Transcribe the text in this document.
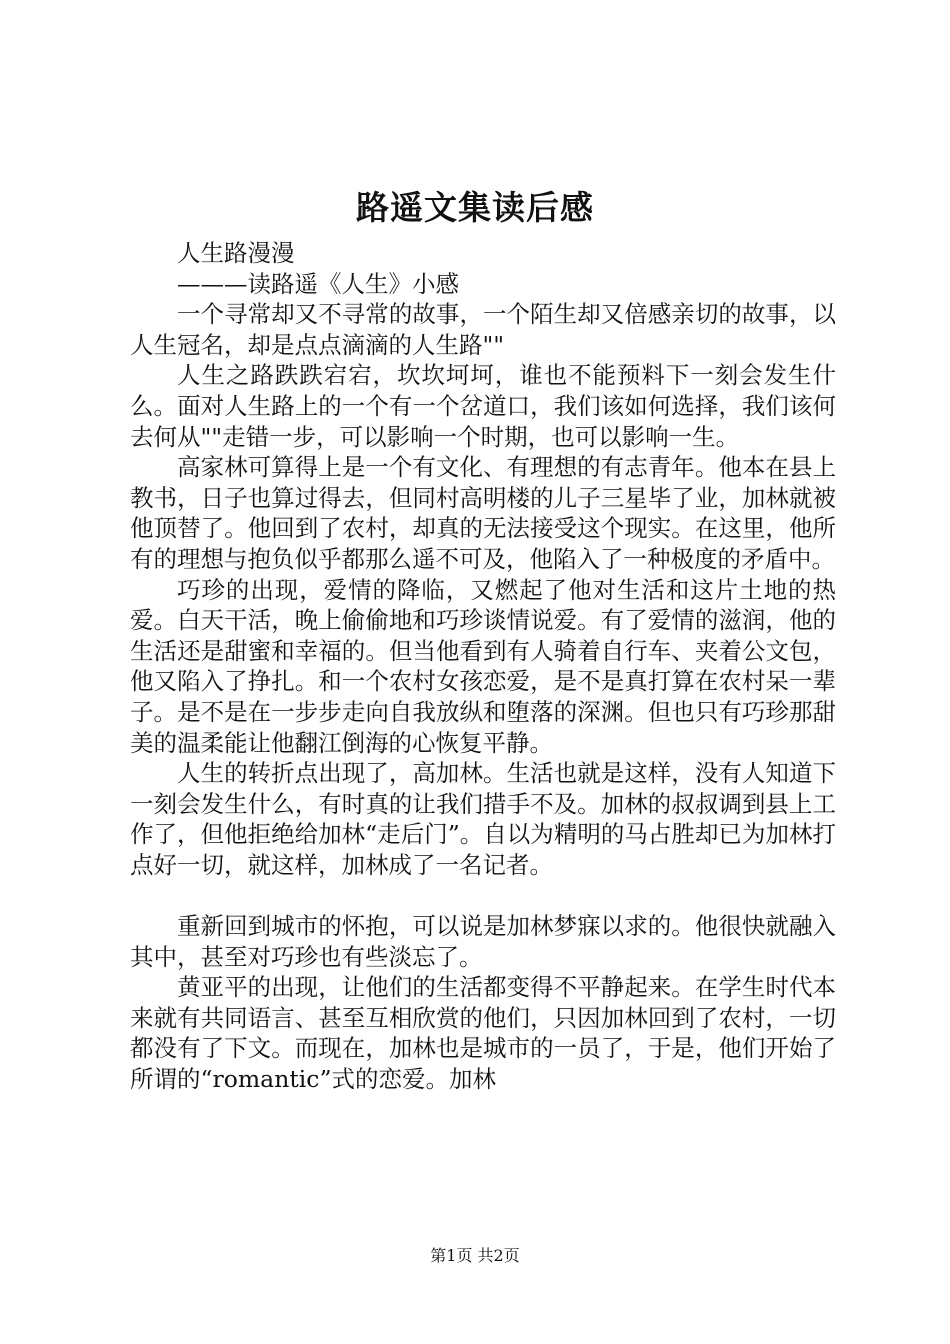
路遥文集读后感

人生路漫漫

———读路遥《人生》小感

一个寻常却又不寻常的故事，一个陌生却又倍感亲切的故事，以人生冠名，却是点点滴滴的人生路""

人生之路跌跌宕宕，坎坎坷坷，谁也不能预料下一刻会发生什么。面对人生路上的一个有一个岔道口，我们该如何选择，我们该何去何从""走错一步，可以影响一个时期，也可以影响一生。

高家林可算得上是一个有文化、有理想的有志青年。他本在县上教书，日子也算过得去，但同村高明楼的儿子三星毕了业，加林就被他顶替了。他回到了农村，却真的无法接受这个现实。在这里，他所有的理想与抱负似乎都那么遥不可及，他陷入了一种极度的矛盾中。

巧珍的出现，爱情的降临，又燃起了他对生活和这片土地的热爱。白天干活，晚上偷偷地和巧珍谈情说爱。有了爱情的滋润，他的生活还是甜蜜和幸福的。但当他看到有人骑着自行车、夹着公文包，他又陷入了挣扎。和一个农村女孩恋爱，是不是真打算在农村呆一辈子。是不是在一步步走向自我放纵和堕落的深渊。但也只有巧珍那甜美的温柔能让他翻江倒海的心恢复平静。

人生的转折点出现了，高加林。生活也就是这样，没有人知道下一刻会发生什么，有时真的让我们措手不及。加林的叔叔调到县上工作了，但他拒绝给加林“走后门”。自以为精明的马占胜却已为加林打点好一切，就这样，加林成了一名记者。

重新回到城市的怀抱，可以说是加林梦寐以求的。他很快就融入其中，甚至对巧珍也有些淡忘了。

黄亚平的出现，让他们的生活都变得不平静起来。在学生时代本来就有共同语言、甚至互相欣赏的他们，只因加林回到了农村，一切都没有了下文。而现在，加林也是城市的一员了，于是，他们开始了所谓的“romantic”式的恋爱。加林

第1页 共2页
